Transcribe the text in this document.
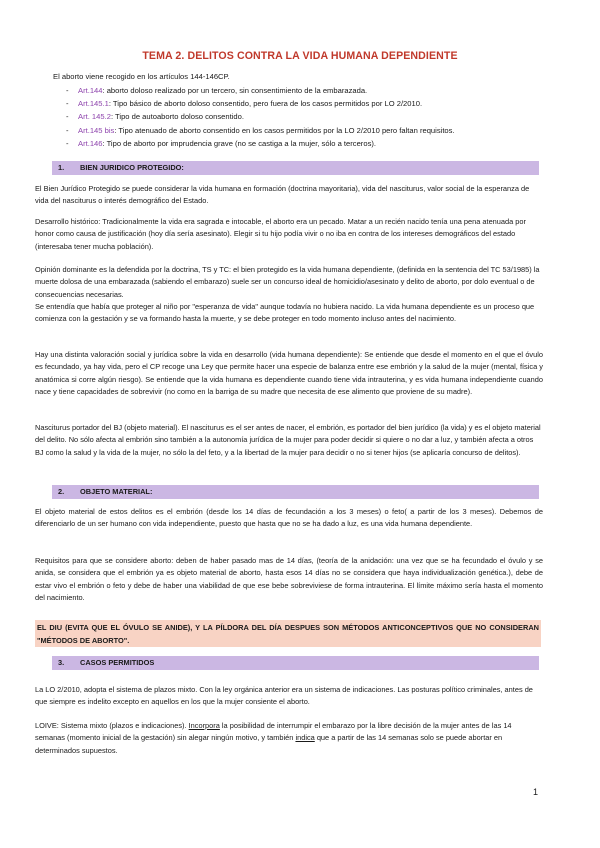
TEMA 2. DELITOS CONTRA LA VIDA HUMANA DEPENDIENTE
El aborto viene recogido en los artículos 144-146CP.
- Art.144: aborto doloso realizado por un tercero, sin consentimiento de la embarazada.
- Art.145.1: Tipo básico de aborto doloso consentido, pero fuera de los casos permitidos por LO 2/2010.
- Art. 145.2: Tipo de autoaborto doloso consentido.
- Art.145 bis: Tipo atenuado de aborto consentido en los casos permitidos por la LO 2/2010 pero faltan requisitos.
- Art.146: Tipo de aborto por imprudencia grave (no se castiga a la mujer, sólo a terceros).
1. BIEN JURIDICO PROTEGIDO:

El Bien Jurídico Protegido se puede considerar la vida humana en formación (doctrina mayoritaria), vida del nasciturus, valor social de la esperanza de vida del nasciturus o interés demográfico del Estado.

Desarrollo histórico: Tradicionalmente la vida era sagrada e intocable, el aborto era un pecado. Matar a un recién nacido tenía una pena atenuada por honor como causa de justificación (hoy día sería asesinato). Elegir si tu hijo podía vivir o no iba en contra de los intereses demográficos del estado (interesaba tener mucha población).

Opinión dominante es la defendida por la doctrina, TS y TC: el bien protegido es la vida humana dependiente, (definida en la sentencia del TC 53/1985) la muerte dolosa de una embarazada (sabiendo el embarazo) suele ser un concurso ideal de homicidio/asesinato y delito de aborto, por dolo eventual o de consecuencias necesarias.

Se entendía que había que proteger al niño por "esperanza de vida" aunque todavía no hubiera nacido. La vida humana dependiente es un proceso que comienza con la gestación y se va formando hasta la muerte, y se debe proteger en todo momento incluso antes del nacimiento.

Hay una distinta valoración social y jurídica sobre la vida en desarrollo (vida humana dependiente): Se entiende que desde el momento en el que el óvulo es fecundado, ya hay vida, pero el CP recoge una Ley que permite hacer una especie de balanza entre ese embrión y la salud de la mujer (mental, física y anatómica si corre algún riesgo). Se entiende que la vida humana es dependiente cuando tiene vida intrauterina, y es vida humana independiente cuando nace y tiene capacidades de sobrevivir (no como en la barriga de su madre que necesita de ese alimento que proviene de su madre).

Nasciturus portador del BJ (objeto material). El nasciturus es el ser antes de nacer, el embrión, es portador del bien jurídico (la vida) y es el objeto material del delito. No sólo afecta al embrión sino también a la autonomía jurídica de la mujer para poder decidir si quiere o no dar a luz, y también afecta a otros BJ como la salud y la vida de la mujer, no sólo la del feto, y a la libertad de la mujer para decidir o no si tener hijos (se aplicaría concurso de delitos).

2. OBJETO MATERIAL:

El objeto material de estos delitos es el embrión (desde los 14 días de fecundación a los 3 meses) o feto( a partir de los 3 meses). Debemos de diferenciarlo de un ser humano con vida independiente, puesto que hasta que no se ha dado a luz, es una vida humana dependiente.

Requisitos para que se considere aborto: deben de haber pasado mas de 14 días, (teoría de la anidación: una vez que se ha fecundado el óvulo y se anida, se considera que el embrión ya es objeto material de aborto, hasta esos 14 días no se considera que haya individualización genética.), debe de estar vivo el embrión o feto y debe de haber una viabilidad de que ese bebe sobreviviese de forma intrauterina. El límite máximo sería hasta el momento del nacimiento.

EL DIU (EVITA QUE EL ÓVULO SE ANIDE), Y LA PÍLDORA DEL DÍA DESPUES SON MÉTODOS ANTICONCEPTIVOS QUE NO CONSIDERAN "MÉTODOS DE ABORTO".
3. CASOS PERMITIDOS

La LO 2/2010, adopta el sistema de plazos mixto. Con la ley orgánica anterior era un sistema de indicaciones. Las posturas político criminales, antes de que siempre es indelito excepto en aquellos en los que la mujer consiente el aborto.

LOIVE: Sistema mixto (plazos e indicaciones). Incorpora la posibilidad de interrumpir el embarazo por la libre decisión de la mujer antes de las 14 semanas (momento inicial de la gestación) sin alegar ningún motivo, y también indica que a partir de las 14 semanas solo se puede abortar en determinados supuestos.

1
